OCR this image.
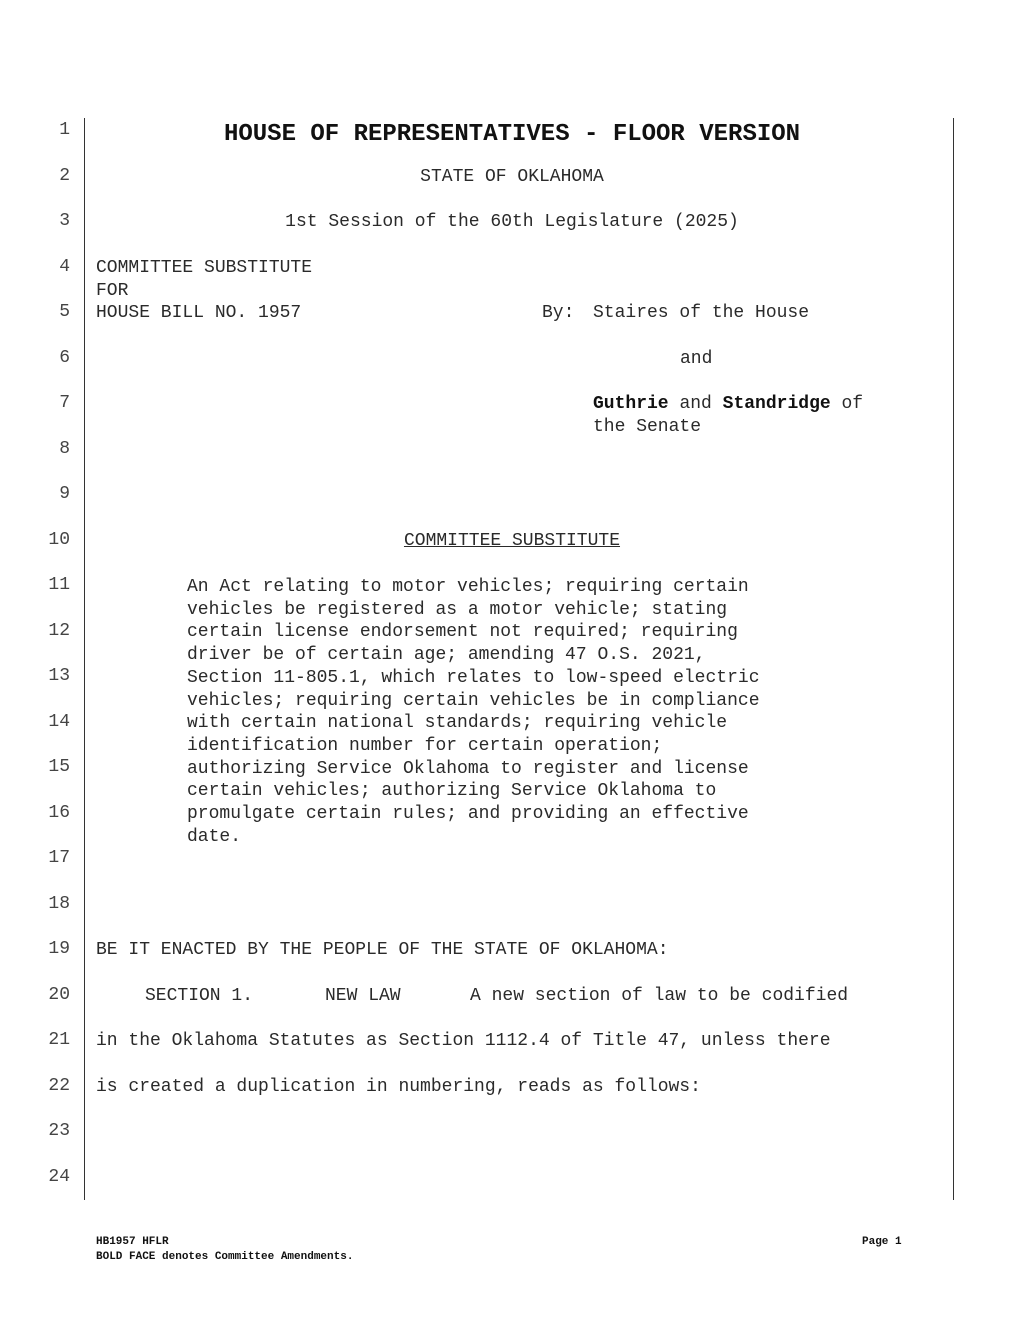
1
2
3
4
5
6
7
8
9
10
11
12
13
14
15
16
17
18
19
20
21
22
23
24
HOUSE OF REPRESENTATIVES - FLOOR VERSION
STATE OF OKLAHOMA
1st Session of the 60th Legislature (2025)
COMMITTEE SUBSTITUTE
FOR
HOUSE BILL NO. 1957	By: Staires of the House
and
Guthrie and Standridge of
the Senate
COMMITTEE SUBSTITUTE
An Act relating to motor vehicles; requiring certain
vehicles be registered as a motor vehicle; stating
certain license endorsement not required; requiring
driver be of certain age; amending 47 O.S. 2021,
Section 11-805.1, which relates to low-speed electric
vehicles; requiring certain vehicles be in compliance
with certain national standards; requiring vehicle
identification number for certain operation;
authorizing Service Oklahoma to register and license
certain vehicles; authorizing Service Oklahoma to
promulgate certain rules; and providing an effective
date.
BE IT ENACTED BY THE PEOPLE OF THE STATE OF OKLAHOMA:
SECTION 1.	NEW LAW	A new section of law to be codified
in the Oklahoma Statutes as Section 1112.4 of Title 47, unless there
is created a duplication in numbering, reads as follows:
HB1957 HFLR
BOLD FACE denotes Committee Amendments.
Page 1
